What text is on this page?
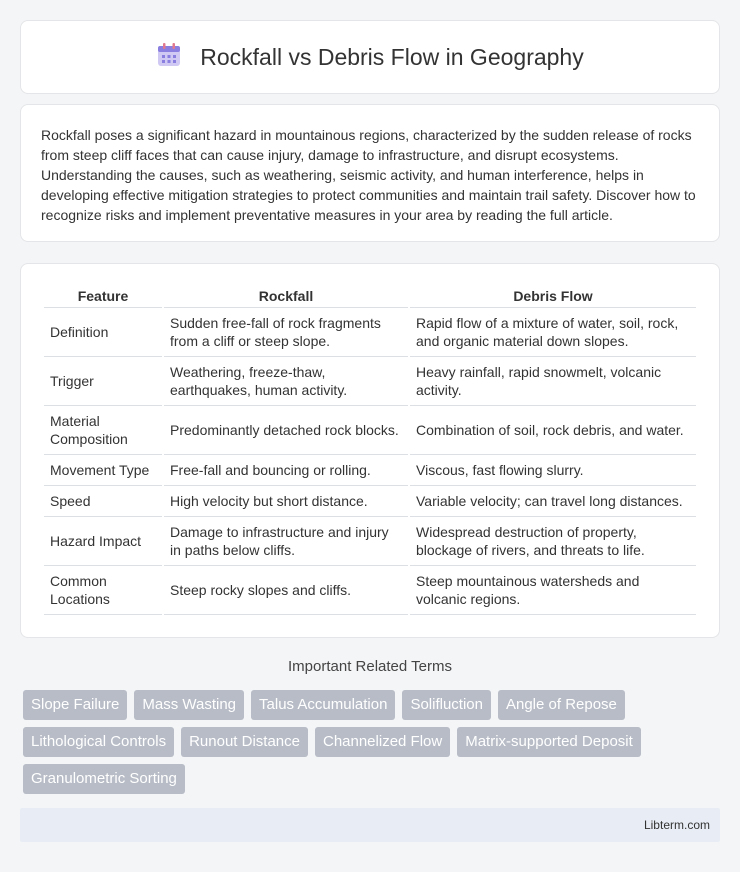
Rockfall vs Debris Flow in Geography

Rockfall poses a significant hazard in mountainous regions, characterized by the sudden release of rocks from steep cliff faces that can cause injury, damage to infrastructure, and disrupt ecosystems. Understanding the causes, such as weathering, seismic activity, and human interference, helps in developing effective mitigation strategies to protect communities and maintain trail safety. Discover how to recognize risks and implement preventative measures in your area by reading the full article.

Feature	Rockfall	Debris Flow
Definition	Sudden free-fall of rock fragments from a cliff or steep slope.	Rapid flow of a mixture of water, soil, rock, and organic material down slopes.
Trigger	Weathering, freeze-thaw, earthquakes, human activity.	Heavy rainfall, rapid snowmelt, volcanic activity.
Material Composition	Predominantly detached rock blocks.	Combination of soil, rock debris, and water.
Movement Type	Free-fall and bouncing or rolling.	Viscous, fast flowing slurry.
Speed	High velocity but short distance.	Variable velocity; can travel long distances.
Hazard Impact	Damage to infrastructure and injury in paths below cliffs.	Widespread destruction of property, blockage of rivers, and threats to life.
Common Locations	Steep rocky slopes and cliffs.	Steep mountainous watersheds and volcanic regions.
Important Related Terms
Slope Failure	Mass Wasting	Talus Accumulation	Solifluction	Angle of Repose
Lithological Controls	Runout Distance	Channelized Flow	Matrix-supported Deposit
Granulometric Sorting
Libterm.com
